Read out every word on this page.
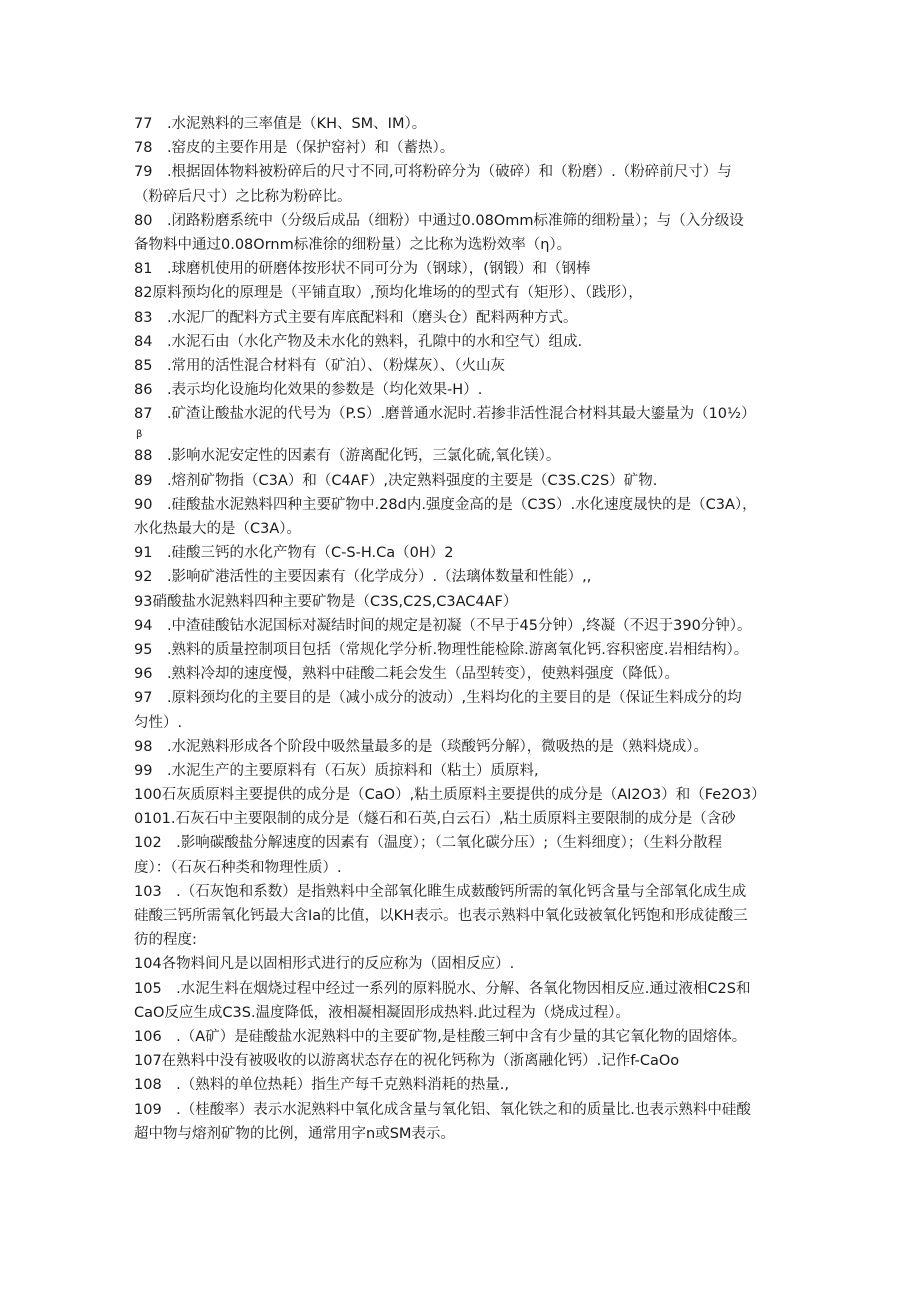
77　.水泥熟料的三率值是（KH、SM、IM）。
78　.窑皮的主要作用是（保护窑衬）和（蓄热）。
79　.根据固体物料被粉碎后的尺寸不同,可将粉碎分为（破碎）和（粉磨）.（粉碎前尺寸）与
（粉碎后尺寸）之比称为粉碎比。
80　.闭路粉磨系统中（分级后成品（细粉）中通过0.08Omm标准筛的细粉量）；与（入分级设
备物料中通过0.08Ornm标准徐的细粉量）之比称为选粉效率（η）。
81　.球磨机使用的研磨体按形状不同可分为（钢球），(钢锻）和（钢棒
82原料预均化的原理是（平铺直取）,预均化堆场的的型式有（矩形）、（践形），
83　.水泥厂的配料方式主要有库底配料和（磨头仓）配料两种方式。
84　.水泥石由（水化产物及未水化的熟料，孔隙中的水和空气）组成.
85　.常用的活性混合材料有（矿泊）、（粉煤灰）、（火山灰
86　.表示均化设施均化效果的参数是（均化效果-H）.
87　.矿渣让酸盐水泥的代号为（P.S）.磨普通水泥时.若掺非活性混合材料其最大鎏量为（10½）
β
88　.影响水泥安定性的因素有（游离配化钙，三氯化硫,氧化镁）。
89　.熔剂矿物指（C3A）和（C4AF）,决定熟料强度的主要是（C3S.C2S）矿物.
90　.硅酸盐水泥熟料四种主要矿物中.28d内.强度金高的是（C3S）.水化速度晟快的是（C3A），
水化热最大的是（C3A）。
91　.硅酸三钙的水化产物有（C-S-H.Ca（0H）2
92　.影响矿港活性的主要因素有（化学成分）.（法璃体数量和性能）,,
93硝酸盐水泥熟料四种主要矿物是（C3S,C2S,C3AC4AF）
94　.中渣硅酸钻水泥国标对凝结时间的规定是初凝（不早于45分钟）,终凝（不迟于390分钟）。
95　.熟料的质量控制项目包括（常规化学分析.物理性能检除.游离氧化钙.容积密度.岩相结构）。
96　.熟料冷却的速度慢，熟料中硅酸二耗会发生（品型转变），使熟料强度（降低）。
97　.原料颈均化的主要目的是（减小成分的波动）,生料均化的主要目的是（保证生料成分的均
匀性）.
98　.水泥熟料形成各个阶段中吸然量最多的是（琰酸钙分解），微吸热的是（熟料烧成）。
99　.水泥生产的主要原料有（石灰）质掠料和（粘土）质原料,
100石灰质原料主要提供的成分是（CaO）,粘土质原料主要提供的成分是（AI2O3）和（Fe2O3）
0101.石灰石中主要限制的成分是（燧石和石英,白云石）,粘土质原料主要限制的成分是（含砂
102　.影响碳酸盐分解速度的因素有（温度）；（二氧化碳分压）;（生料细度）；（生料分散程
度）：（石灰石种类和物理性质）.
103　.（石灰饱和系数）是指熟料中全部氧化睢生成薮酸钙所需的氧化钙含量与全部氧化成生成
硅酸三钙所需氧化钙最大含Ia的比值，以KH表示。也表示熟料中氧化豉被氧化钙饱和形成徒酸三
彷的程度:
104各物料间凡是以固相形式进行的反应称为（固相反应）.
105　.水泥生料在烟烧过程中经过一系列的原料脱水、分解、各氧化物因相反应.通过液相C2S和
CaO反应生成C3S.温度降低，液相凝相凝固形成热料.此过程为（烧成过程）。
106　.（A矿）是硅酸盐水泥熟料中的主要矿物,是桂酸三轲中含有少量的其它氧化物的固熔体。
107在熟料中没有被吸收的以游离状态存在的祝化钙称为（浙离融化钙）.记作f-CaOo
108　.（熟料的单位热耗）指生产每千克熟料消耗的热量.,
109　.（桂酸率）表示水泥熟料中氧化成含量与氧化铝、氧化铁之和的质量比.也表示熟料中硅酸
超中物与熔剂矿物的比例，通常用字n或SM表示。
